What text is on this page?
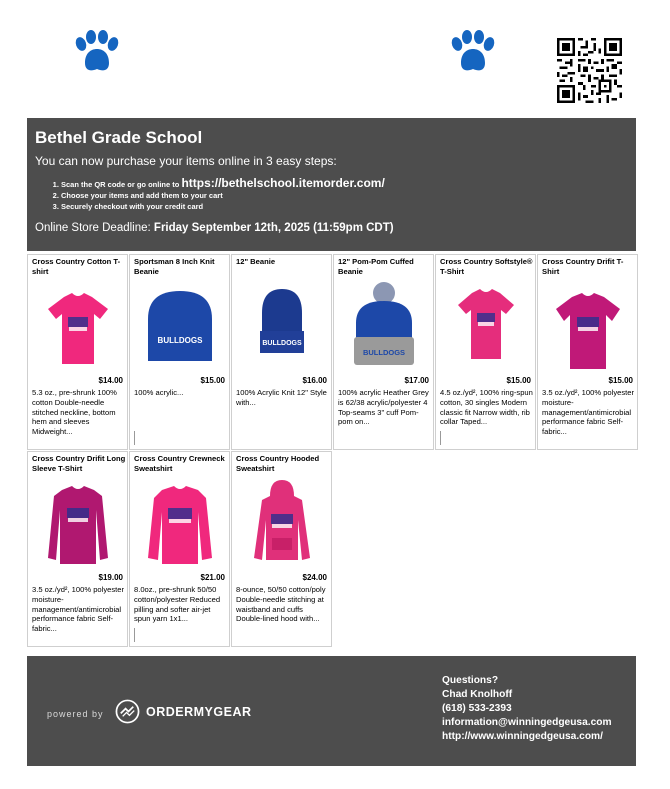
Bethel Grade School
You can now purchase your items online in 3 easy steps:
1. Scan the QR code or go online to https://bethelschool.itemorder.com/
2. Choose your items and add them to your cart
3. Securely checkout with your credit card
Online Store Deadline: Friday September 12th, 2025 (11:59pm CDT)
Cross Country Cotton T-shirt
$14.00
5.3 oz., pre-shrunk 100% cotton Double-needle stitched neckline, bottom hem and sleeves Midweight...
Sportsman 8 Inch Knit Beanie
BULLDOGS
$15.00
100% acrylic...
12" Beanie
BULLDOGS
$16.00
100% Acrylic Knit 12" Style with...
12" Pom-Pom Cuffed Beanie
BULLDOGS
$17.00
100% acrylic Heather Grey is 62/38 acrylic/polyester 4 Top-seams 3" cuff Pom-pom on...
Cross Country Softstyle® T-Shirt
$15.00
4.5 oz./yd², 100% ring-spun cotton, 30 singles Modern classic fit Narrow width, rib collar Taped...
Cross Country Drifit T-Shirt
$15.00
3.5 oz./yd², 100% polyester moisture-management/antimicrobial performance fabric Self-fabric...
Cross Country Drifit Long Sleeve T-Shirt
$19.00
3.5 oz./yd², 100% polyester moisture-management/antimicrobial performance fabric Self-fabric...
Cross Country Crewneck Sweatshirt
$21.00
8.0oz., pre-shrunk 50/50 cotton/polyester Reduced pilling and softer air-jet spun yarn 1x1...
Cross Country Hooded Sweatshirt
$24.00
8-ounce, 50/50 cotton/poly Double-needle stitching at waistband and cuffs Double-lined hood with...
powered by	ORDERMYGEAR
Questions?
Chad Knolhoff
(618) 533-2393
information@winningedgeusa.com
http://www.winningedgeusa.com/
